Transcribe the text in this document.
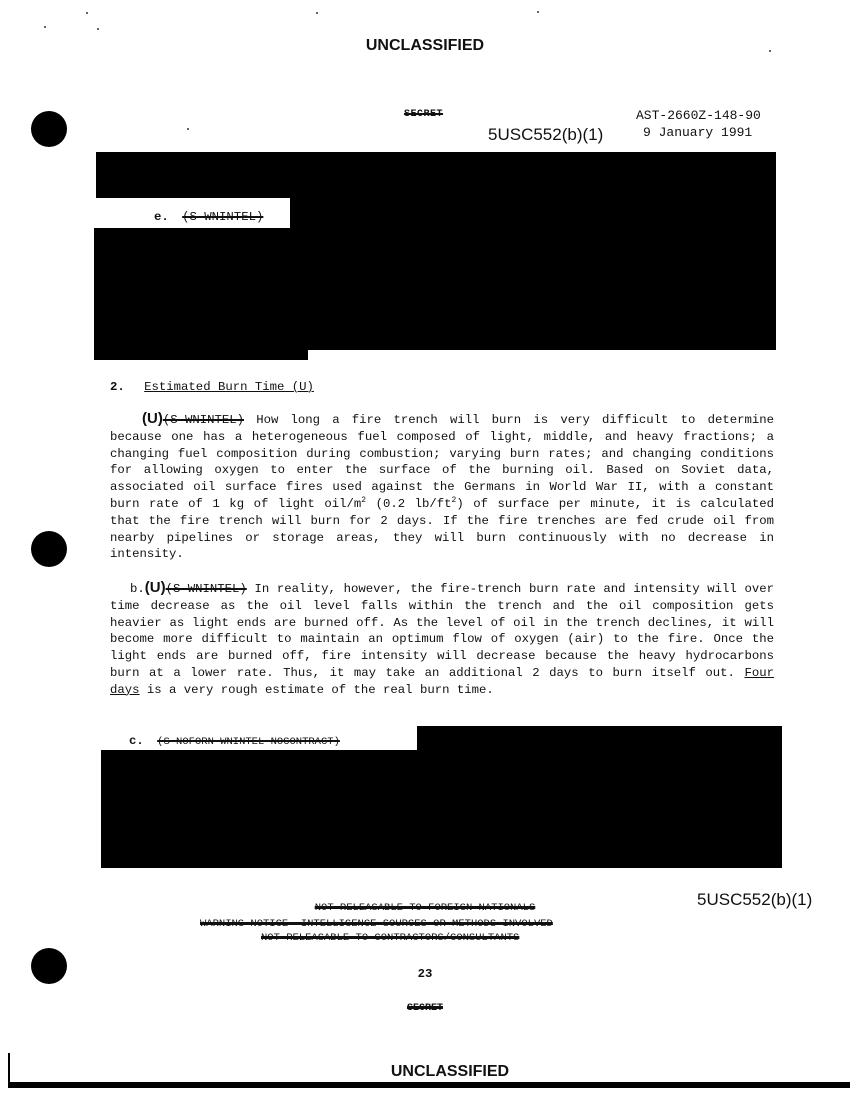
UNCLASSIFIED
SECRET	AST-2660Z-148-90
9 January 1991
5USC552(b)(1)
e. (S-WNINTEL)
2. Estimated Burn Time (U)

(U)(S-WNINTEL) How long a fire trench will burn is very difficult to determine because one has a heterogeneous fuel composed of light, middle, and heavy fractions; a changing fuel composition during combustion; varying burn rates; and changing conditions for allowing oxygen to enter the surface of the burning oil. Based on Soviet data, associated oil surface fires used against the Germans in World War II, with a constant burn rate of 1 kg of light oil/$m^2$ (0.2 $lb/ft^2$) of surface per minute, it is calculated that the fire trench will burn for 2 days. If the fire trenches are fed crude oil from nearby pipelines or storage areas, they will burn continuously with no decrease in intensity.

b.(U)(S-WNINTEL) In reality, however, the fire-trench burn rate and intensity will over time decrease as the oil level falls within the trench and the oil composition gets heavier as light ends are burned off. As the level of oil in the trench declines, it will become more difficult to maintain an optimum flow of oxygen (air) to the fire. Once the light ends are burned off, fire intensity will decrease because the heavy hydrocarbons burn at a lower rate. Thus, it may take an additional 2 days to burn itself out. Four days is a very rough estimate of the real burn time.

c. (S-NOFORN-WNINTEL-NOCONTRACT)
5USC552(b)(1)
NOT RELEASABLE TO FOREIGN NATIONALS
WARNING NOTICE--INTELLIGENCE SOURCES OR METHODS INVOLVED
NOT RELEASABLE TO CONTRACTORS/CONSULTANTS
23
SECRET
UNCLASSIFIED
